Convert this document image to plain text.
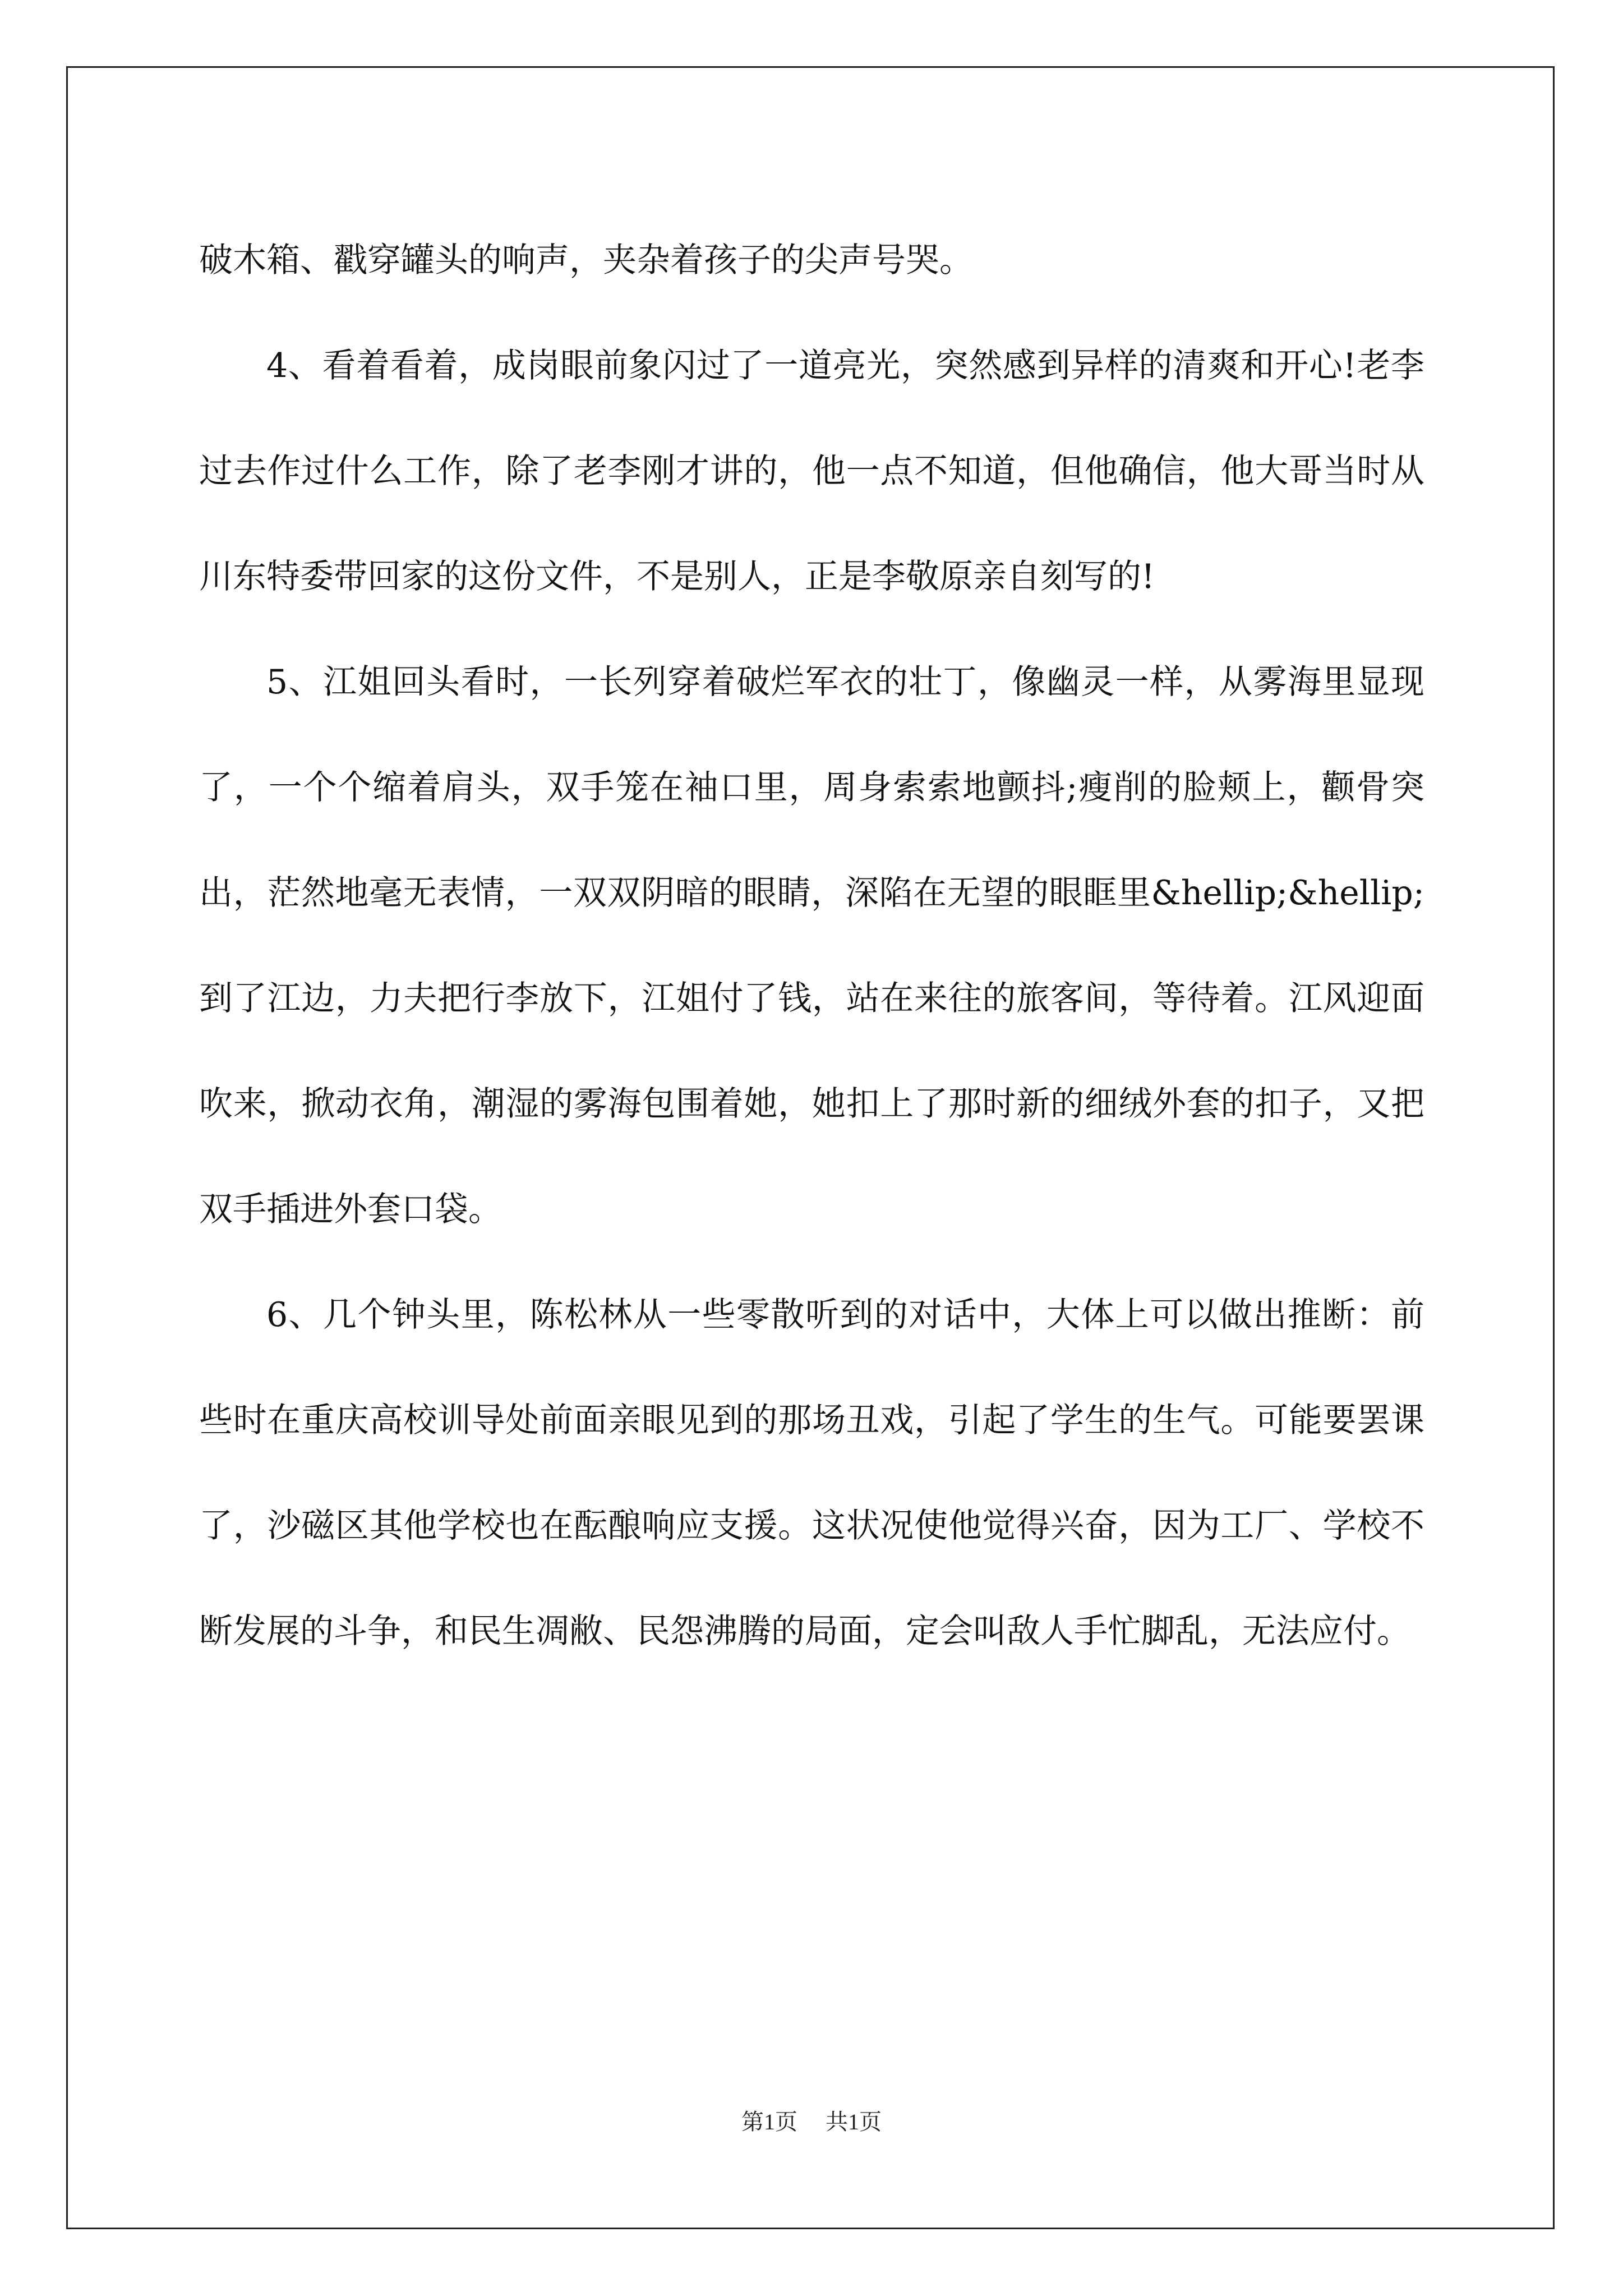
破木箱、戳穿罐头的响声，夹杂着孩子的尖声号哭。

4、看着看着，成岗眼前象闪过了一道亮光，突然感到异样的清爽和开心!老李过去作过什么工作，除了老李刚才讲的，他一点不知道，但他确信，他大哥当时从川东特委带回家的这份文件，不是别人，正是李敬原亲自刻写的!

5、江姐回头看时，一长列穿着破烂军衣的壮丁，像幽灵一样，从雾海里显现了，一个个缩着肩头，双手笼在袖口里，周身索索地颤抖;瘦削的脸颊上，颧骨突出，茫然地毫无表情，一双双阴暗的眼睛，深陷在无望的眼眶里&hellip;&hellip;到了江边，力夫把行李放下，江姐付了钱，站在来往的旅客间，等待着。江风迎面吹来，掀动衣角，潮湿的雾海包围着她，她扣上了那时新的细绒外套的扣子，又把双手插进外套口袋。

6、几个钟头里，陈松林从一些零散听到的对话中，大体上可以做出推断：前些时在重庆高校训导处前面亲眼见到的那场丑戏，引起了学生的生气。可能要罢课了，沙磁区其他学校也在酝酿响应支援。这状况使他觉得兴奋，因为工厂、学校不断发展的斗争，和民生凋敝、民怨沸腾的局面，定会叫敌人手忙脚乱，无法应付。

第1页 共1页
